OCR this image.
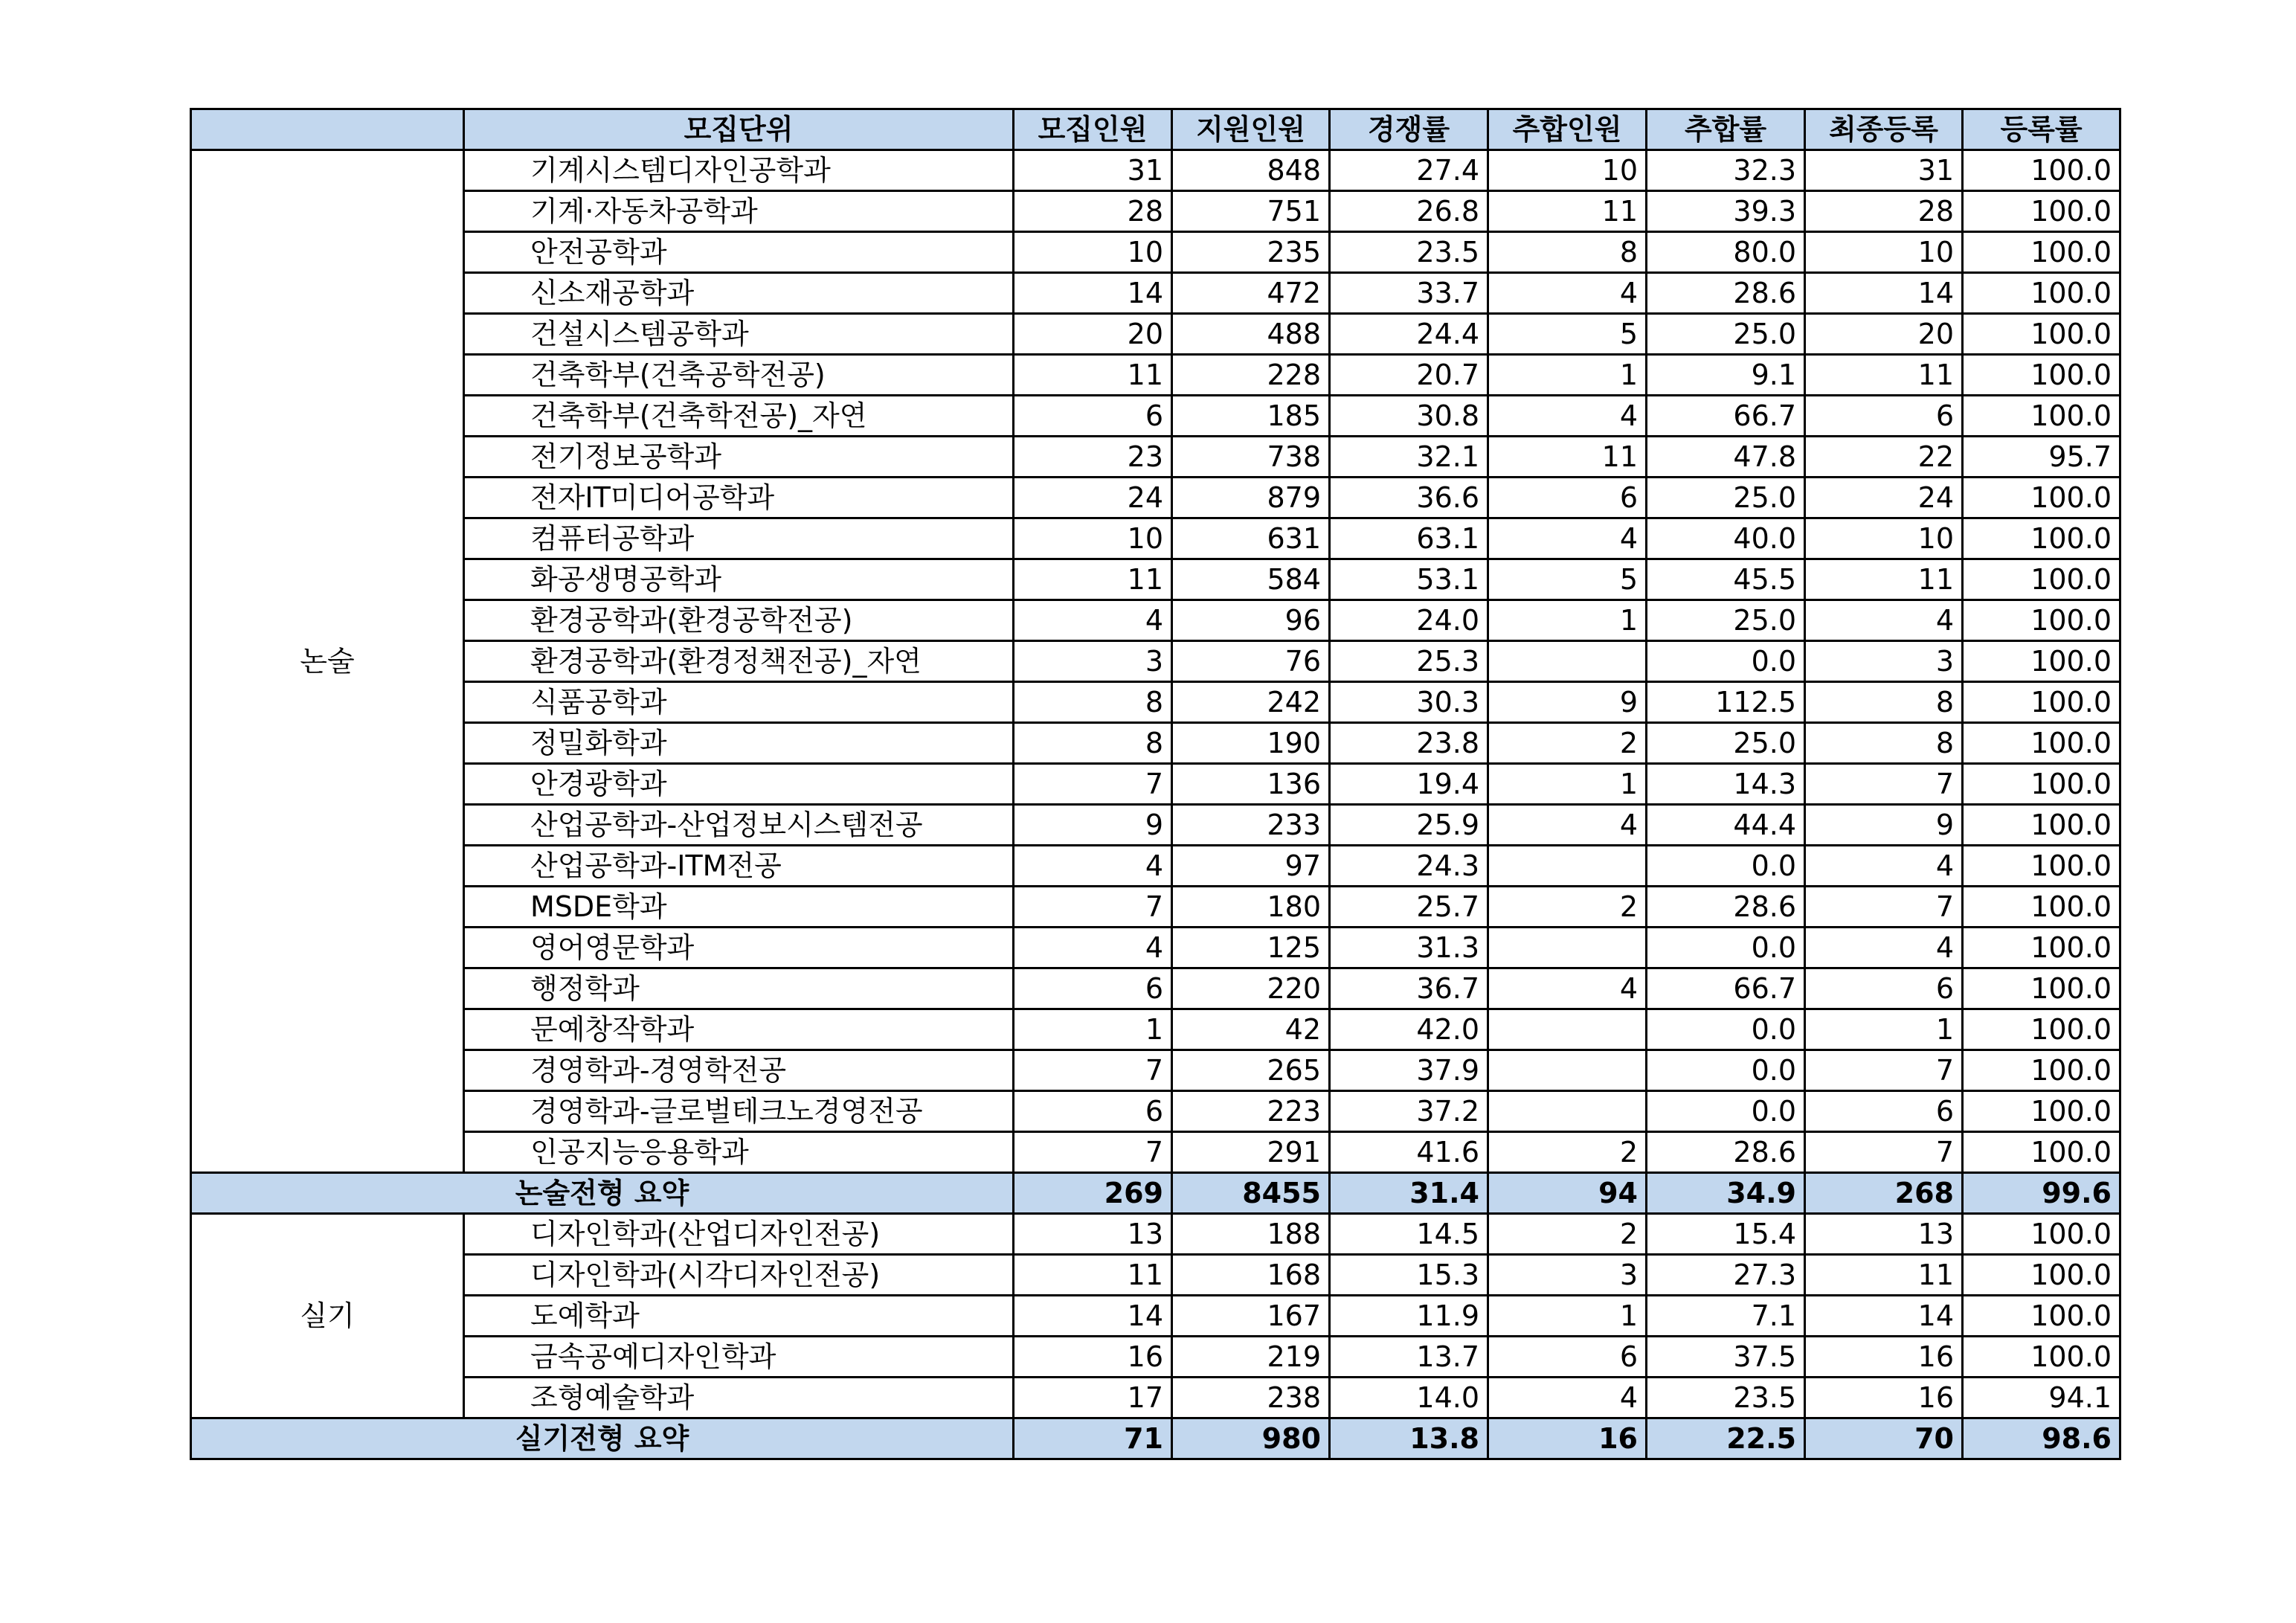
	모집단위	모집인원	지원인원	경쟁률	추합인원	추합률	최종등록	등록률
논술	기계시스템디자인공학과	31	848	27.4	10	32.3	31	100.0
	기계·자동차공학과	28	751	26.8	11	39.3	28	100.0
	안전공학과	10	235	23.5	8	80.0	10	100.0
	신소재공학과	14	472	33.7	4	28.6	14	100.0
	건설시스템공학과	20	488	24.4	5	25.0	20	100.0
	건축학부(건축공학전공)	11	228	20.7	1	9.1	11	100.0
	건축학부(건축학전공)_자연	6	185	30.8	4	66.7	6	100.0
	전기정보공학과	23	738	32.1	11	47.8	22	95.7
	전자IT미디어공학과	24	879	36.6	6	25.0	24	100.0
	컴퓨터공학과	10	631	63.1	4	40.0	10	100.0
	화공생명공학과	11	584	53.1	5	45.5	11	100.0
	환경공학과(환경공학전공)	4	96	24.0	1	25.0	4	100.0
	환경공학과(환경정책전공)_자연	3	76	25.3		0.0	3	100.0
	식품공학과	8	242	30.3	9	112.5	8	100.0
	정밀화학과	8	190	23.8	2	25.0	8	100.0
	안경광학과	7	136	19.4	1	14.3	7	100.0
	산업공학과-산업정보시스템전공	9	233	25.9	4	44.4	9	100.0
	산업공학과-ITM전공	4	97	24.3		0.0	4	100.0
	MSDE학과	7	180	25.7	2	28.6	7	100.0
	영어영문학과	4	125	31.3		0.0	4	100.0
	행정학과	6	220	36.7	4	66.7	6	100.0
	문예창작학과	1	42	42.0		0.0	1	100.0
	경영학과-경영학전공	7	265	37.9		0.0	7	100.0
	경영학과-글로벌테크노경영전공	6	223	37.2		0.0	6	100.0
	인공지능응용학과	7	291	41.6	2	28.6	7	100.0
논술전형 요약		269	8455	31.4	94	34.9	268	99.6
실기	디자인학과(산업디자인전공)	13	188	14.5	2	15.4	13	100.0
	디자인학과(시각디자인전공)	11	168	15.3	3	27.3	11	100.0
	도예학과	14	167	11.9	1	7.1	14	100.0
	금속공예디자인학과	16	219	13.7	6	37.5	16	100.0
	조형예술학과	17	238	14.0	4	23.5	16	94.1
실기전형 요약		71	980	13.8	16	22.5	70	98.6
